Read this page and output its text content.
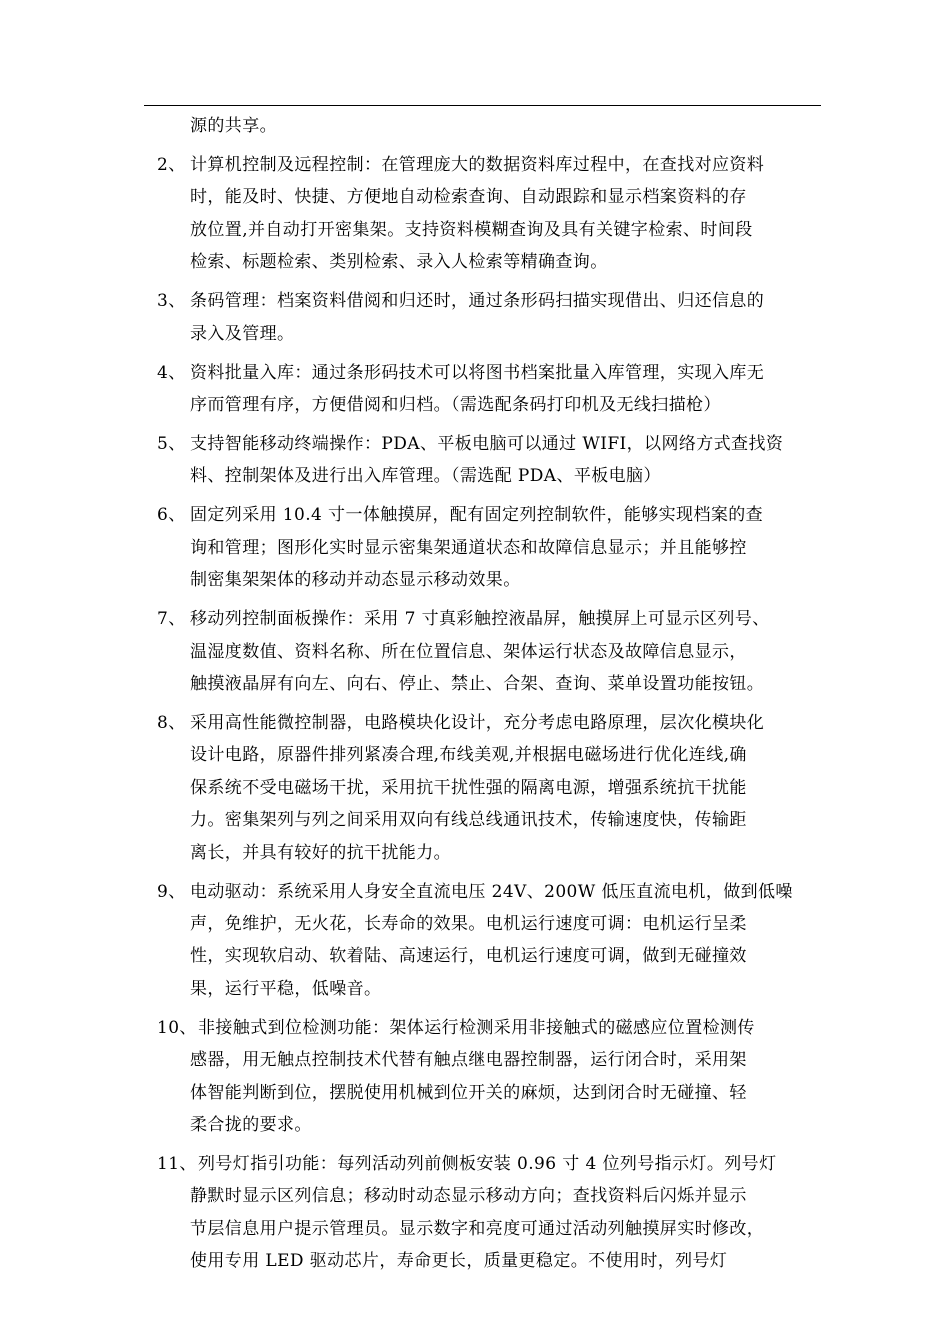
源的共享。
2、 计算机控制及远程控制：在管理庞大的数据资料库过程中，在查找对应资料
时，能及时、快捷、方便地自动检索查询、自动跟踪和显示档案资料的存
放位置,并自动打开密集架。支持资料模糊查询及具有关键字检索、时间段
检索、标题检索、类别检索、录入人检索等精确查询。
3、 条码管理：档案资料借阅和归还时，通过条形码扫描实现借出、归还信息的
录入及管理。
4、 资料批量入库：通过条形码技术可以将图书档案批量入库管理，实现入库无
序而管理有序，方便借阅和归档。（需选配条码打印机及无线扫描枪）
5、 支持智能移动终端操作：PDA、平板电脑可以通过 WIFI，以网络方式查找资
料、控制架体及进行出入库管理。（需选配 PDA、平板电脑）
6、 固定列采用 10.4 寸一体触摸屏，配有固定列控制软件，能够实现档案的查
询和管理；图形化实时显示密集架通道状态和故障信息显示；并且能够控
制密集架架体的移动并动态显示移动效果。
7、 移动列控制面板操作：采用 7 寸真彩触控液晶屏，触摸屏上可显示区列号、
温湿度数值、资料名称、所在位置信息、架体运行状态及故障信息显示，
触摸液晶屏有向左、向右、停止、禁止、合架、查询、菜单设置功能按钮。
8、 采用高性能微控制器，电路模块化设计，充分考虑电路原理，层次化模块化
设计电路，原器件排列紧凑合理,布线美观,并根据电磁场进行优化连线,确
保系统不受电磁场干扰，采用抗干扰性强的隔离电源，增强系统抗干扰能
力。密集架列与列之间采用双向有线总线通讯技术，传输速度快，传输距
离长，并具有较好的抗干扰能力。
9、 电动驱动：系统采用人身安全直流电压 24V、200W 低压直流电机，做到低噪
声，免维护，无火花，长寿命的效果。电机运行速度可调：电机运行呈柔
性，实现软启动、软着陆、高速运行，电机运行速度可调，做到无碰撞效
果，运行平稳，低噪音。
10、 非接触式到位检测功能：架体运行检测采用非接触式的磁感应位置检测传
感器，用无触点控制技术代替有触点继电器控制器，运行闭合时，采用架
体智能判断到位，摆脱使用机械到位开关的麻烦，达到闭合时无碰撞、轻
柔合拢的要求。
11、 列号灯指引功能：每列活动列前侧板安装 0.96 寸 4 位列号指示灯。列号灯
静默时显示区列信息；移动时动态显示移动方向；查找资料后闪烁并显示
节层信息用户提示管理员。显示数字和亮度可通过活动列触摸屏实时修改，
使用专用 LED 驱动芯片，寿命更长，质量更稳定。不使用时，列号灯
